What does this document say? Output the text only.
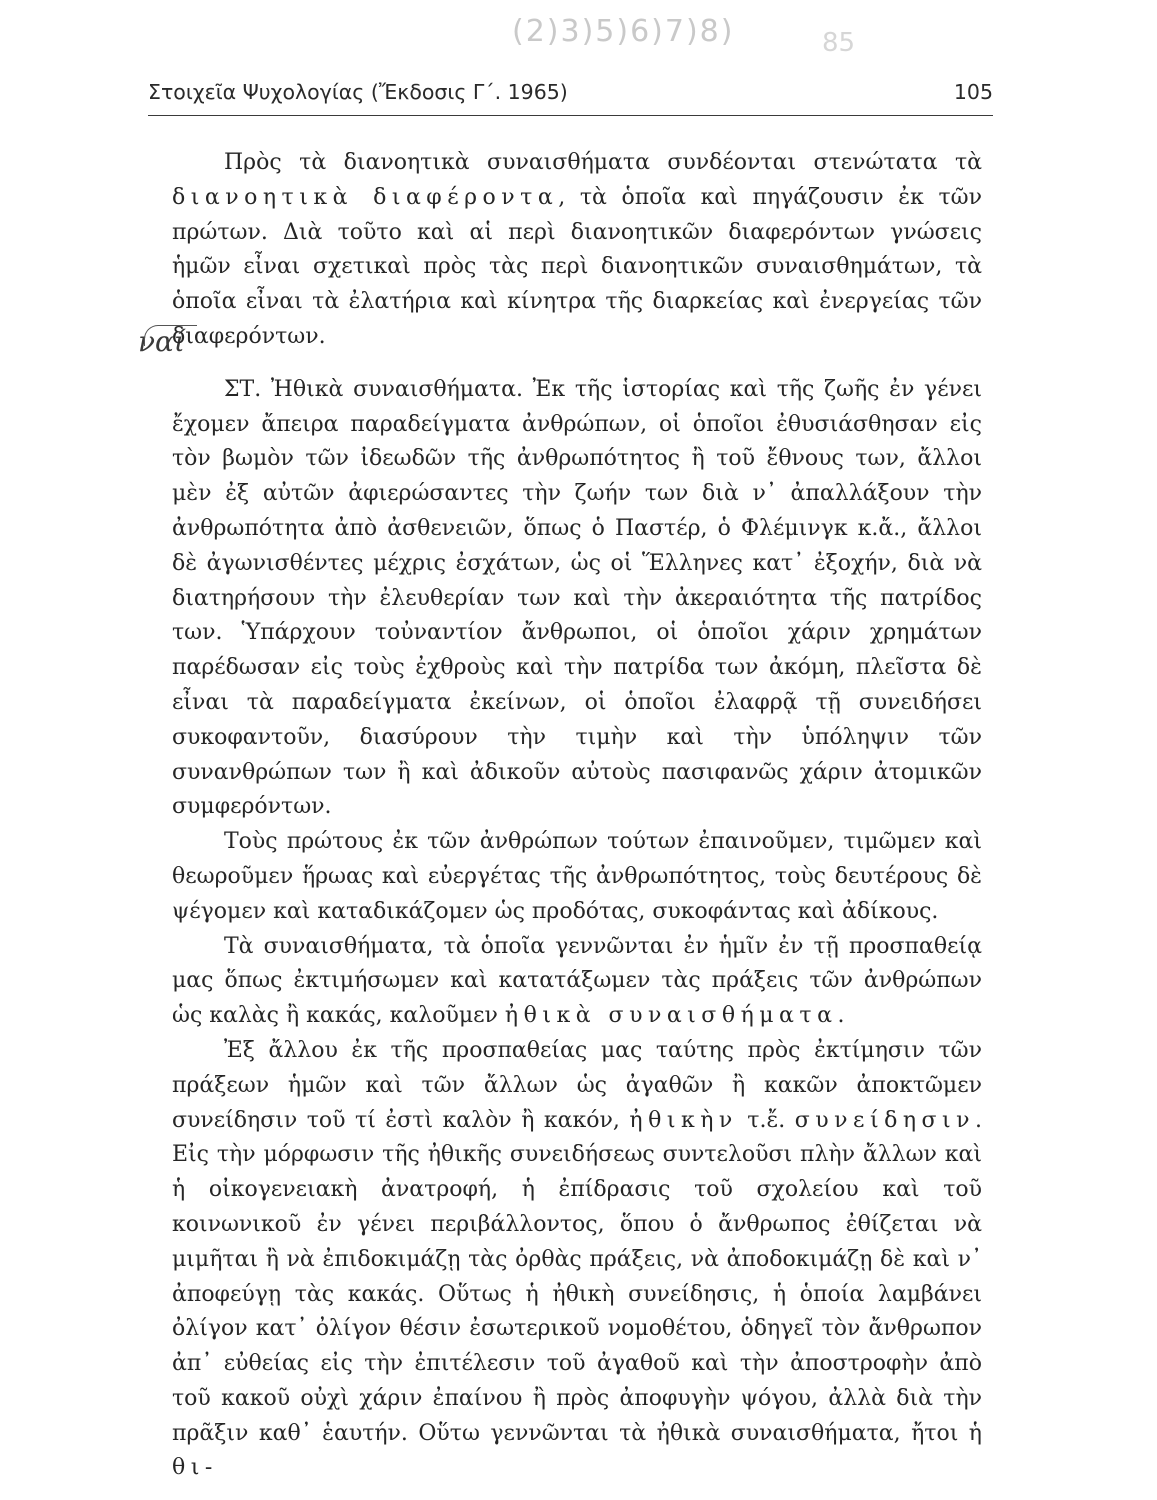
(2)3)5)6)7)8)	85
Στοιχεῖα Ψυχολογίας (Ἔκδοσις Γ΄. 1965)	105
ναί

Πρὸς τὰ διανοητικὰ συναισθήματα συνδέονται στενώτατα τὰ διανοητικὰ διαφέροντα, τὰ ὁποῖα καὶ πηγάζουσιν ἐκ τῶν πρώτων. Διὰ τοῦτο καὶ αἱ περὶ διανοητικῶν διαφερόντων γνώσεις ἡμῶν εἶναι σχετικαὶ πρὸς τὰς περὶ διανοητικῶν συναισθημάτων, τὰ ὁποῖα εἶναι τὰ ἐλατήρια καὶ κίνητρα τῆς διαρκείας καὶ ἐνεργείας τῶν διαφερόντων.

ΣΤ. Ἠθικὰ συναισθήματα. Ἐκ τῆς ἱστορίας καὶ τῆς ζωῆς ἐν γένει ἔχομεν ἄπειρα παραδείγματα ἀνθρώπων, οἱ ὁποῖοι ἐθυσιάσθησαν εἰς τὸν βωμὸν τῶν ἰδεωδῶν τῆς ἀνθρωπότητος ἢ τοῦ ἔθνους των, ἄλλοι μὲν ἐξ αὐτῶν ἀφιερώσαντες τὴν ζωήν των διὰ ν᾽ ἀπαλλάξουν τὴν ἀνθρωπότητα ἀπὸ ἀσθενειῶν, ὅπως ὁ Παστέρ, ὁ Φλέμινγκ κ.ἄ., ἄλλοι δὲ ἀγωνισθέντες μέχρις ἐσχάτων, ὡς οἱ Ἕλληνες κατ᾽ ἐξοχήν, διὰ νὰ διατηρήσουν τὴν ἐλευθερίαν των καὶ τὴν ἀκεραιότητα τῆς πατρίδος των. Ὑπάρχουν τοὐναντίον ἄνθρωποι, οἱ ὁποῖοι χάριν χρημάτων παρέδωσαν εἰς τοὺς ἐχθροὺς καὶ τὴν πατρίδα των ἀκόμη, πλεῖστα δὲ εἶναι τὰ παραδείγματα ἐκείνων, οἱ ὁποῖοι ἐλαφρᾷ τῇ συνειδήσει συκοφαντοῦν, διασύρουν τὴν τιμὴν καὶ τὴν ὑπόληψιν τῶν συνανθρώπων των ἢ καὶ ἀδικοῦν αὐτοὺς πασιφανῶς χάριν ἀτομικῶν συμφερόντων.

Τοὺς πρώτους ἐκ τῶν ἀνθρώπων τούτων ἐπαινοῦμεν, τιμῶμεν καὶ θεωροῦμεν ἥρωας καὶ εὐεργέτας τῆς ἀνθρωπότητος, τοὺς δευτέρους δὲ ψέγομεν καὶ καταδικάζομεν ὡς προδότας, συκοφάντας καὶ ἀδίκους.

Τὰ συναισθήματα, τὰ ὁποῖα γεννῶνται ἐν ἡμῖν ἐν τῇ προσπαθείᾳ μας ὅπως ἐκτιμήσωμεν καὶ κατατάξωμεν τὰς πράξεις τῶν ἀνθρώπων ὡς καλὰς ἢ κακάς, καλοῦμεν ἠθικὰ συναισθήματα.

Ἐξ ἄλλου ἐκ τῆς προσπαθείας μας ταύτης πρὸς ἐκτίμησιν τῶν πράξεων ἡμῶν καὶ τῶν ἄλλων ὡς ἀγαθῶν ἢ κακῶν ἀποκτῶμεν συνείδησιν τοῦ τί ἐστὶ καλὸν ἢ κακόν, ἠθικὴν τ.ἔ. συνείδησιν. Εἰς τὴν μόρφωσιν τῆς ἠθικῆς συνειδήσεως συντελοῦσι πλὴν ἄλλων καὶ ἡ οἰκογενειακὴ ἀνατροφή, ἡ ἐπίδρασις τοῦ σχολείου καὶ τοῦ κοινωνικοῦ ἐν γένει περιβάλλοντος, ὅπου ὁ ἄνθρωπος ἐθίζεται νὰ μιμῆται ἢ νὰ ἐπιδοκιμάζῃ τὰς ὀρθὰς πράξεις, νὰ ἀποδοκιμάζῃ δὲ καὶ ν᾽ ἀποφεύγῃ τὰς κακάς. Οὕτως ἡ ἠθικὴ συνείδησις, ἡ ὁποία λαμβάνει ὀλίγον κατ᾽ ὀλίγον θέσιν ἐσωτερικοῦ νομοθέτου, ὁδηγεῖ τὸν ἄνθρωπον ἀπ᾽ εὐθείας εἰς τὴν ἐπιτέλεσιν τοῦ ἀγαθοῦ καὶ τὴν ἀποστροφὴν ἀπὸ τοῦ κακοῦ οὐχὶ χάριν ἐπαίνου ἢ πρὸς ἀποφυγὴν ψόγου, ἀλλὰ διὰ τὴν πρᾶξιν καθ᾽ ἑαυτήν. Οὕτω γεννῶνται τὰ ἠθικὰ συναισθήματα, ἤτοι ἡ θι-
